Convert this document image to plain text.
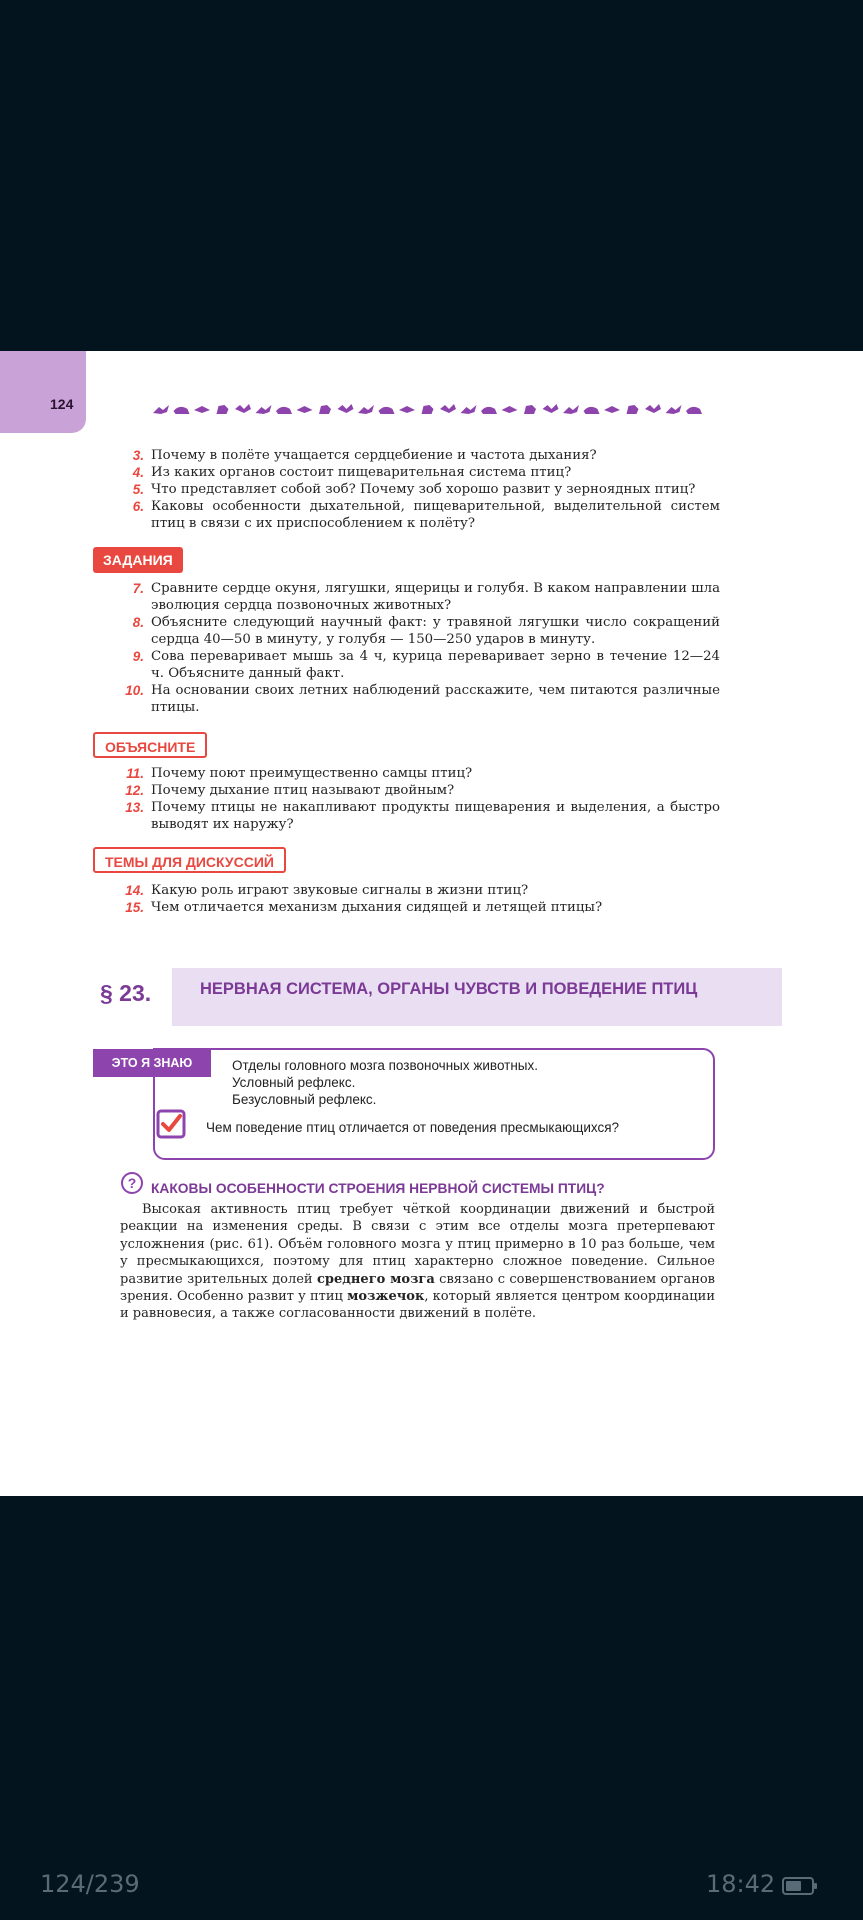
124
3. Почему в полёте учащается сердцебиение и частота дыхания?
4. Из каких органов состоит пищеварительная система птиц?
5. Что представляет собой зоб? Почему зоб хорошо развит у зерноядных птиц?
6. Каковы особенности дыхательной, пищеварительной, выделительной систем птиц в связи с их приспособлением к полёту?
ЗАДАНИЯ
7. Сравните сердце окуня, лягушки, ящерицы и голубя. В каком направлении шла эволюция сердца позвоночных животных?
8. Объясните следующий научный факт: у травяной лягушки число сокращений сердца 40—50 в минуту, у голубя — 150—250 ударов в минуту.
9. Сова переваривает мышь за 4 ч, курица переваривает зерно в течение 12—24 ч. Объясните данный факт.
10. На основании своих летних наблюдений расскажите, чем питаются различные птицы.
ОБЪЯСНИТЕ
11. Почему поют преимущественно самцы птиц?
12. Почему дыхание птиц называют двойным?
13. Почему птицы не накапливают продукты пищеварения и выделения, а быстро выводят их наружу?
ТЕМЫ ДЛЯ ДИСКУССИЙ
14. Какую роль играют звуковые сигналы в жизни птиц?
15. Чем отличается механизм дыхания сидящей и летящей птицы?
§ 23.	НЕРВНАЯ СИСТЕМА, ОРГАНЫ ЧУВСТВ И ПОВЕДЕНИЕ ПТИЦ
ЭТО Я ЗНАЮ	Отделы головного мозга позвоночных животных.
Условный рефлекс.
Безусловный рефлекс.
Чем поведение птиц отличается от поведения пресмыкающихся?
? КАКОВЫ ОСОБЕННОСТИ СТРОЕНИЯ НЕРВНОЙ СИСТЕМЫ ПТИЦ?

Высокая активность птиц требует чёткой координации движений и быстрой реакции на изменения среды. В связи с этим все отделы мозга претерпевают усложнения (рис. 61). Объём головного мозга у птиц примерно в 10 раз больше, чем у пресмыкающихся, поэтому для птиц характерно сложное поведение. Сильное развитие зрительных долей среднего мозга связано с совершенствованием органов зрения. Особенно развит у птиц мозжечок, который является центром координации и равновесия, а также согласованности движений в полёте.

124/239	18:42
